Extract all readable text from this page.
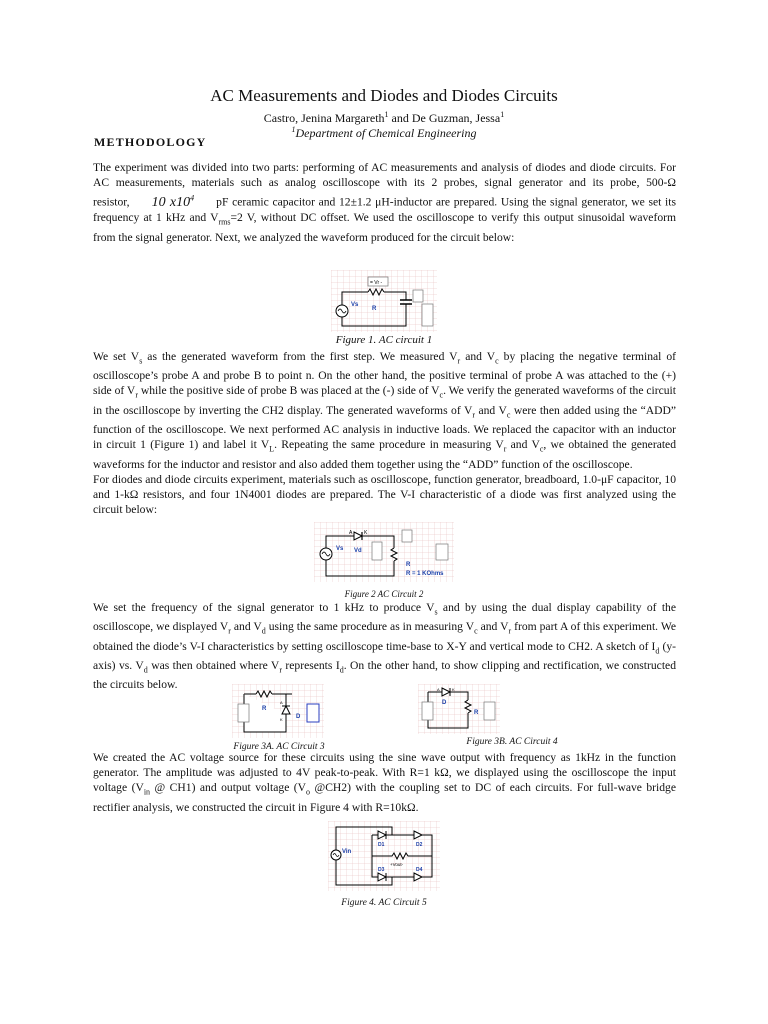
AC Measurements and Diodes and Diodes Circuits
Castro, Jenina Margareth$^1$ and De Guzman, Jessa$^1$
$^1$Department of Chemical Engineering
METHODOLOGY

The experiment was divided into two parts: performing of AC measurements and analysis of diodes and diode circuits. For AC measurements, materials such as analog oscilloscope with its 2 probes, signal generator and its probe, 500-Ω resistor, 10 $x10^4$ pF ceramic capacitor and 12±1.2 μH-inductor are prepared. Using the signal generator, we set its frequency at 1 kHz and $V_{rms}=2$ V, without DC offset. We used the oscilloscope to verify this output sinusoidal waveform from the signal generator. Next, we analyzed the waveform produced for the circuit below:

= Vr -
Vs
R
Figure 1. AC circuit 1

We set $V_s$ as the generated waveform from the first step. We measured $V_r$ and $V_c$ by placing the negative terminal of oscilloscope’s probe A and probe B to point n. On the other hand, the positive terminal of probe A was attached to the (+) side of $V_r$ while the positive side of probe B was placed at the (-) side of $V_c$. We verify the generated waveforms of the circuit in the oscilloscope by inverting the CH2 display. The generated waveforms of $V_r$ and $V_c$ were then added using the “ADD” function of the oscilloscope. We next performed AC analysis in inductive loads. We replaced the capacitor with an inductor in circuit 1 (Figure 1) and label it $V_L$. Repeating the same procedure in measuring $V_r$ and $V_c$, we obtained the generated waveforms for the inductor and resistor and also added them together using the “ADD” function of the oscilloscope.

For diodes and diode circuits experiment, materials such as oscilloscope, function generator, breadboard, 1.0-μF capacitor, 10 and 1-kΩ resistors, and four 1N4001 diodes are prepared. The V-I characteristic of a diode was first analyzed using the circuit below:

A K
Vs Vd
R
R = 1 KOhms
Figure 2 AC Circuit 2

We set the frequency of the signal generator to 1 kHz to produce $V_s$ and by using the dual display capability of the oscilloscope, we displayed $V_r$ and $V_d$ using the same procedure as in measuring $V_c$ and $V_r$ from part A of this experiment. We obtained the diode’s V-I characteristics by setting oscilloscope time-base to X-Y and vertical mode to CH2. A sketch of $I_d$ (y-axis) vs. $V_d$ was then obtained where $V_r$ represents $I_d$. On the other hand, to show clipping and rectification, we constructed the circuits below.

R
D
A
K
Figure 3A. AC Circuit 3
A	K
D
R
Figure 3B. AC Circuit 4

We created the AC voltage source for these circuits using the sine wave output with frequency as 1kHz in the function generator. The amplitude was adjusted to 4V peak-to-peak. With R=1 kΩ, we displayed using the oscilloscope the input voltage ($V_{in}$ @ CH1) and output voltage ($V_o$ @CH2) with the coupling set to DC of each circuits. For full-wave bridge rectifier analysis, we constructed the circuit in Figure 4 with R=10kΩ.

Vin
D1	D2
D3	D4
+Vout-
Figure 4. AC Circuit 5
